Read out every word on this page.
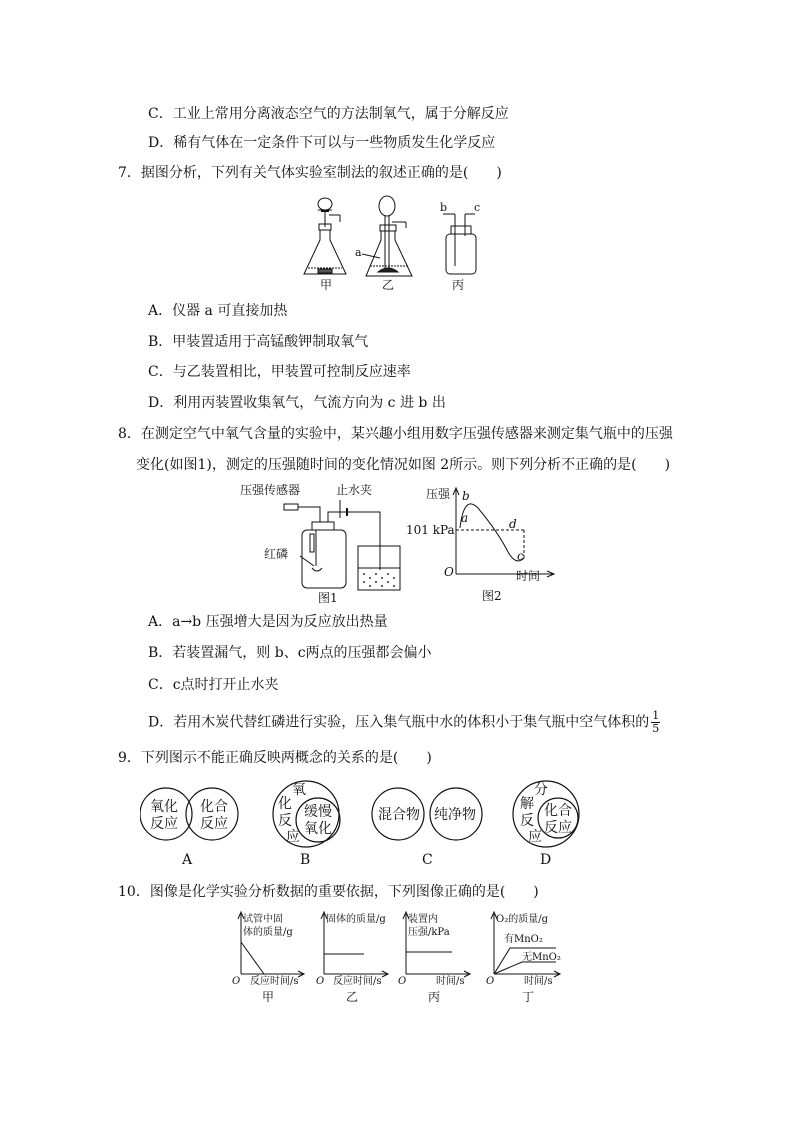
C．工业上常用分离液态空气的方法制氧气，属于分解反应
D．稀有气体在一定条件下可以与一些物质发生化学反应
7．据图分析，下列有关气体实验室制法的叙述正确的是(　　)
甲
a
乙
b c
丙
A．仪器 a 可直接加热
B．甲装置适用于高锰酸钾制取氧气
C．与乙装置相比，甲装置可控制反应速率
D．利用丙装置收集氧气，气流方向为 c 进 b 出
8．在测定空气中氧气含量的实验中，某兴趣小组用数字压强传感器来测定集气瓶中的压强
变化(如图1)，测定的压强随时间的变化情况如图 2所示。则下列分析不正确的是(　　)
压强传感器	止水夹
红磷
图1
压强
101 kPa
a
b
c
d
O	时间
图2
A．a→b 压强增大是因为反应放出热量
B．若装置漏气，则 b、c两点的压强都会偏小
C．c点时打开止水夹
D．若用木炭代替红磷进行实验，压入集气瓶中水的体积小于集气瓶中空气体积的 $\frac{1}{5}$
9．下列图示不能正确反映两概念的关系的是(　　)
氧化
反应
化合
反应
A
氧
化
反
应
缓慢
氧化
B
混合物 纯净物
C
分
解
反
应
化合
反应
D
10．图像是化学实验分析数据的重要依据，下列图像正确的是(　　)
试管中固
体的质量/g
O 反应时间/s
甲
固体的质量/g
O 反应时间/s
乙
装置内
压强/kPa
O	时间/s
丙
O₂的质量/g
有MnO₂
无MnO₂
O	时间/s
丁
